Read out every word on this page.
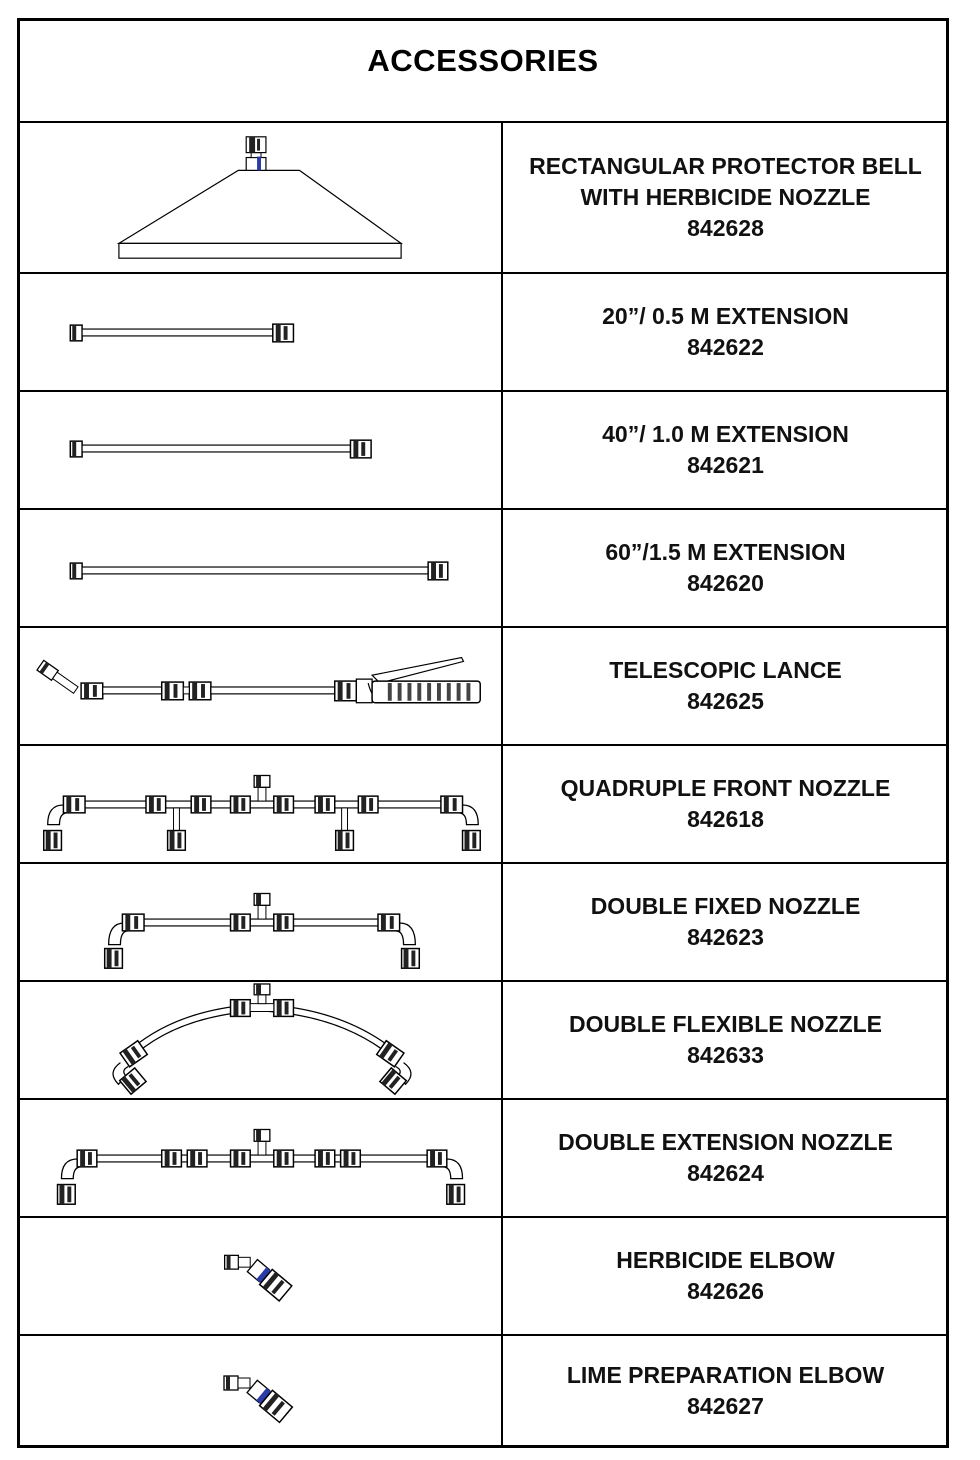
ACCESSORIES
RECTANGULAR PROTECTOR BELL
WITH HERBICIDE NOZZLE
842628
20”/ 0.5 M EXTENSION
842622
40”/ 1.0 M EXTENSION
842621
60”/1.5 M EXTENSION
842620
TELESCOPIC LANCE
842625
QUADRUPLE FRONT NOZZLE
842618
DOUBLE FIXED NOZZLE
842623
DOUBLE FLEXIBLE NOZZLE
842633
DOUBLE EXTENSION NOZZLE
842624
HERBICIDE ELBOW
842626
LIME PREPARATION ELBOW
842627
